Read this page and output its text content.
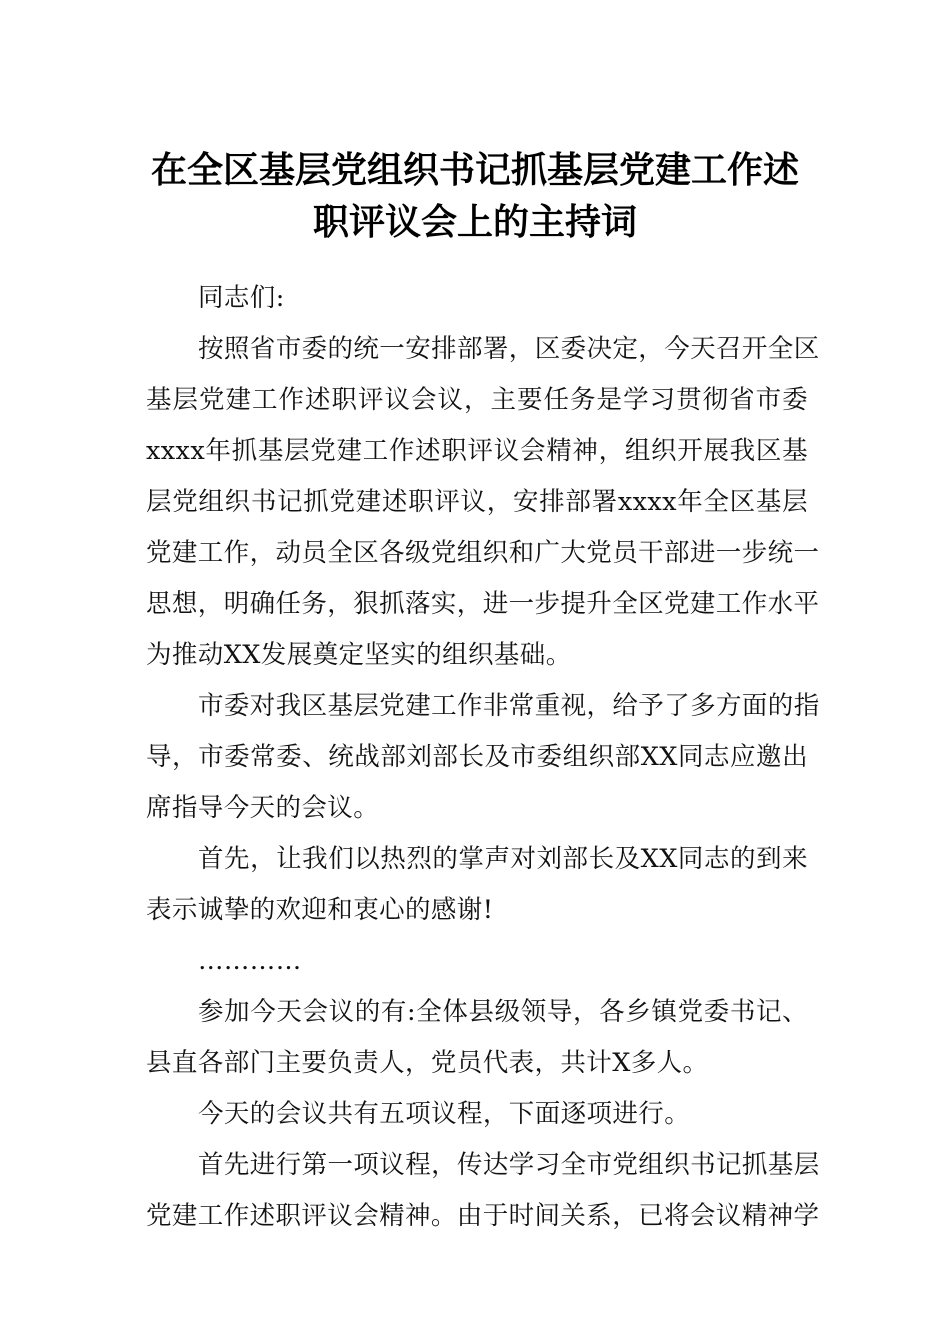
在全区基层党组织书记抓基层党建工作述
职评议会上的主持词
同志们:
按照省市委的统一安排部署，区委决定，今天召开全区
基层党建工作述职评议会议，主要任务是学习贯彻省市委
xxxx年抓基层党建工作述职评议会精神，组织开展我区基
层党组织书记抓党建述职评议，安排部署xxxx年全区基层
党建工作，动员全区各级党组织和广大党员干部进一步统一
思想，明确任务，狠抓落实，进一步提升全区党建工作水平
为推动XX发展奠定坚实的组织基础。
市委对我区基层党建工作非常重视，给予了多方面的指
导，市委常委、统战部刘部长及市委组织部XX同志应邀出
席指导今天的会议。
首先，让我们以热烈的掌声对刘部长及XX同志的到来
表示诚挚的欢迎和衷心的感谢!
…………
参加今天会议的有:全体县级领导，各乡镇党委书记、
县直各部门主要负责人，党员代表，共计X多人。
今天的会议共有五项议程，下面逐项进行。
首先进行第一项议程，传达学习全市党组织书记抓基层
党建工作述职评议会精神。由于时间关系，已将会议精神学
